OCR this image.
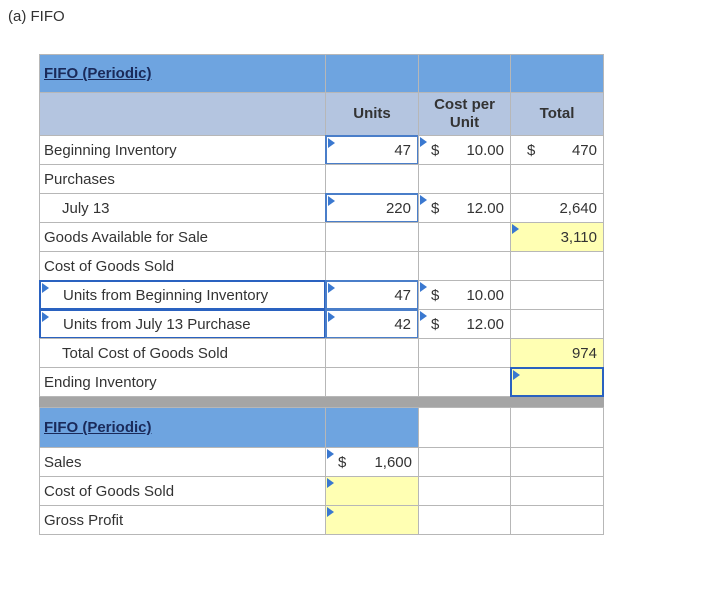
(a) FIFO
FIFO (Periodic)
Units
Cost per Unit
Total
Beginning Inventory	47 $ 10.00 $ 470
Purchases
July 13	220 $ 12.00	2,640
Goods Available for Sale	3,110
Cost of Goods Sold
Units from Beginning Inventory	47 $ 10.00
Units from July 13 Purchase	42 $ 12.00
Total Cost of Goods Sold	974
Ending Inventory
FIFO (Periodic)
Sales	$ 1,600
Cost of Goods Sold
Gross Profit
